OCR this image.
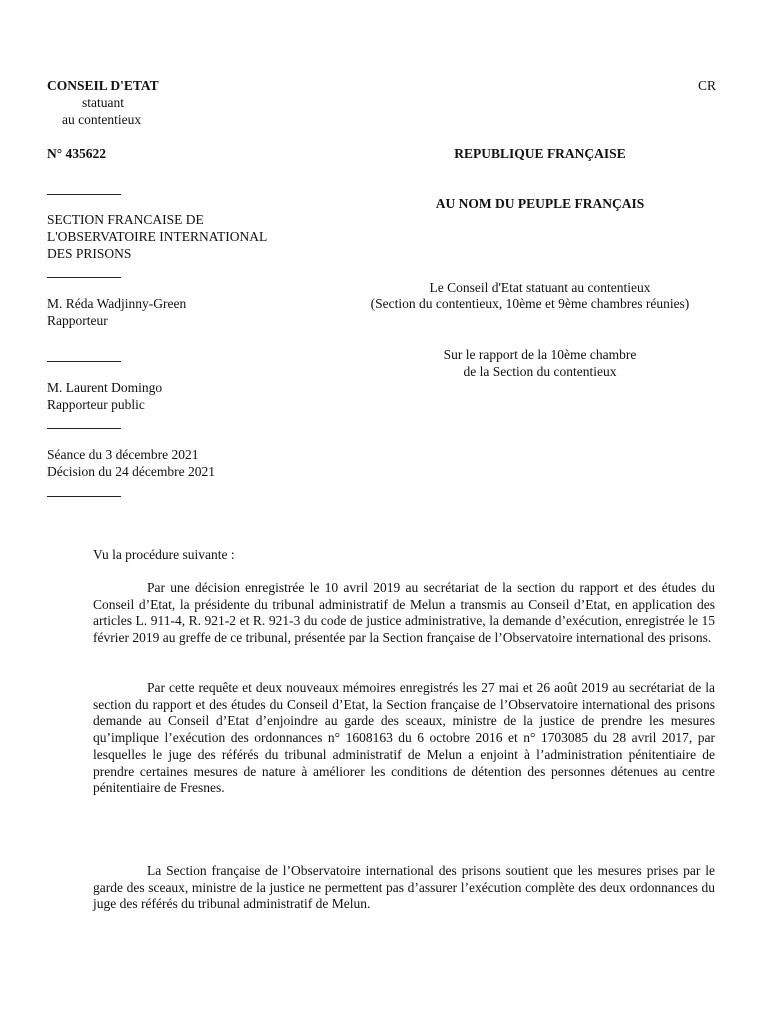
CONSEIL D'ETAT
statuant
au contentieux
CR
N° 435622	REPUBLIQUE FRANÇAISE
AU NOM DU PEUPLE FRANÇAIS
SECTION FRANCAISE DE
L'OBSERVATOIRE INTERNATIONAL
DES PRISONS
Le Conseil d'Etat statuant au contentieux
(Section du contentieux, 10ème et 9ème chambres réunies)
M. Réda Wadjinny-Green
Rapporteur
Sur le rapport de la 10ème chambre
de la Section du contentieux
M. Laurent Domingo
Rapporteur public
Séance du 3 décembre 2021
Décision du 24 décembre 2021
Vu la procédure suivante :

Par une décision enregistrée le 10 avril 2019 au secrétariat de la section du rapport et des études du Conseil d’Etat, la présidente du tribunal administratif de Melun a transmis au Conseil d’Etat, en application des articles L. 911-4, R. 921-2 et R. 921-3 du code de justice administrative, la demande d’exécution, enregistrée le 15 février 2019 au greffe de ce tribunal, présentée par la Section française de l’Observatoire international des prisons.

Par cette requête et deux nouveaux mémoires enregistrés les 27 mai et 26 août 2019 au secrétariat de la section du rapport et des études du Conseil d’Etat, la Section française de l’Observatoire international des prisons demande au Conseil d’Etat d’enjoindre au garde des sceaux, ministre de la justice de prendre les mesures qu’implique l’exécution des ordonnances n° 1608163 du 6 octobre 2016 et n° 1703085 du 28 avril 2017, par lesquelles le juge des référés du tribunal administratif de Melun a enjoint à l’administration pénitentiaire de prendre certaines mesures de nature à améliorer les conditions de détention des personnes détenues au centre pénitentiaire de Fresnes.

La Section française de l’Observatoire international des prisons soutient que les mesures prises par le garde des sceaux, ministre de la justice ne permettent pas d’assurer l’exécution complète des deux ordonnances du juge des référés du tribunal administratif de Melun.
